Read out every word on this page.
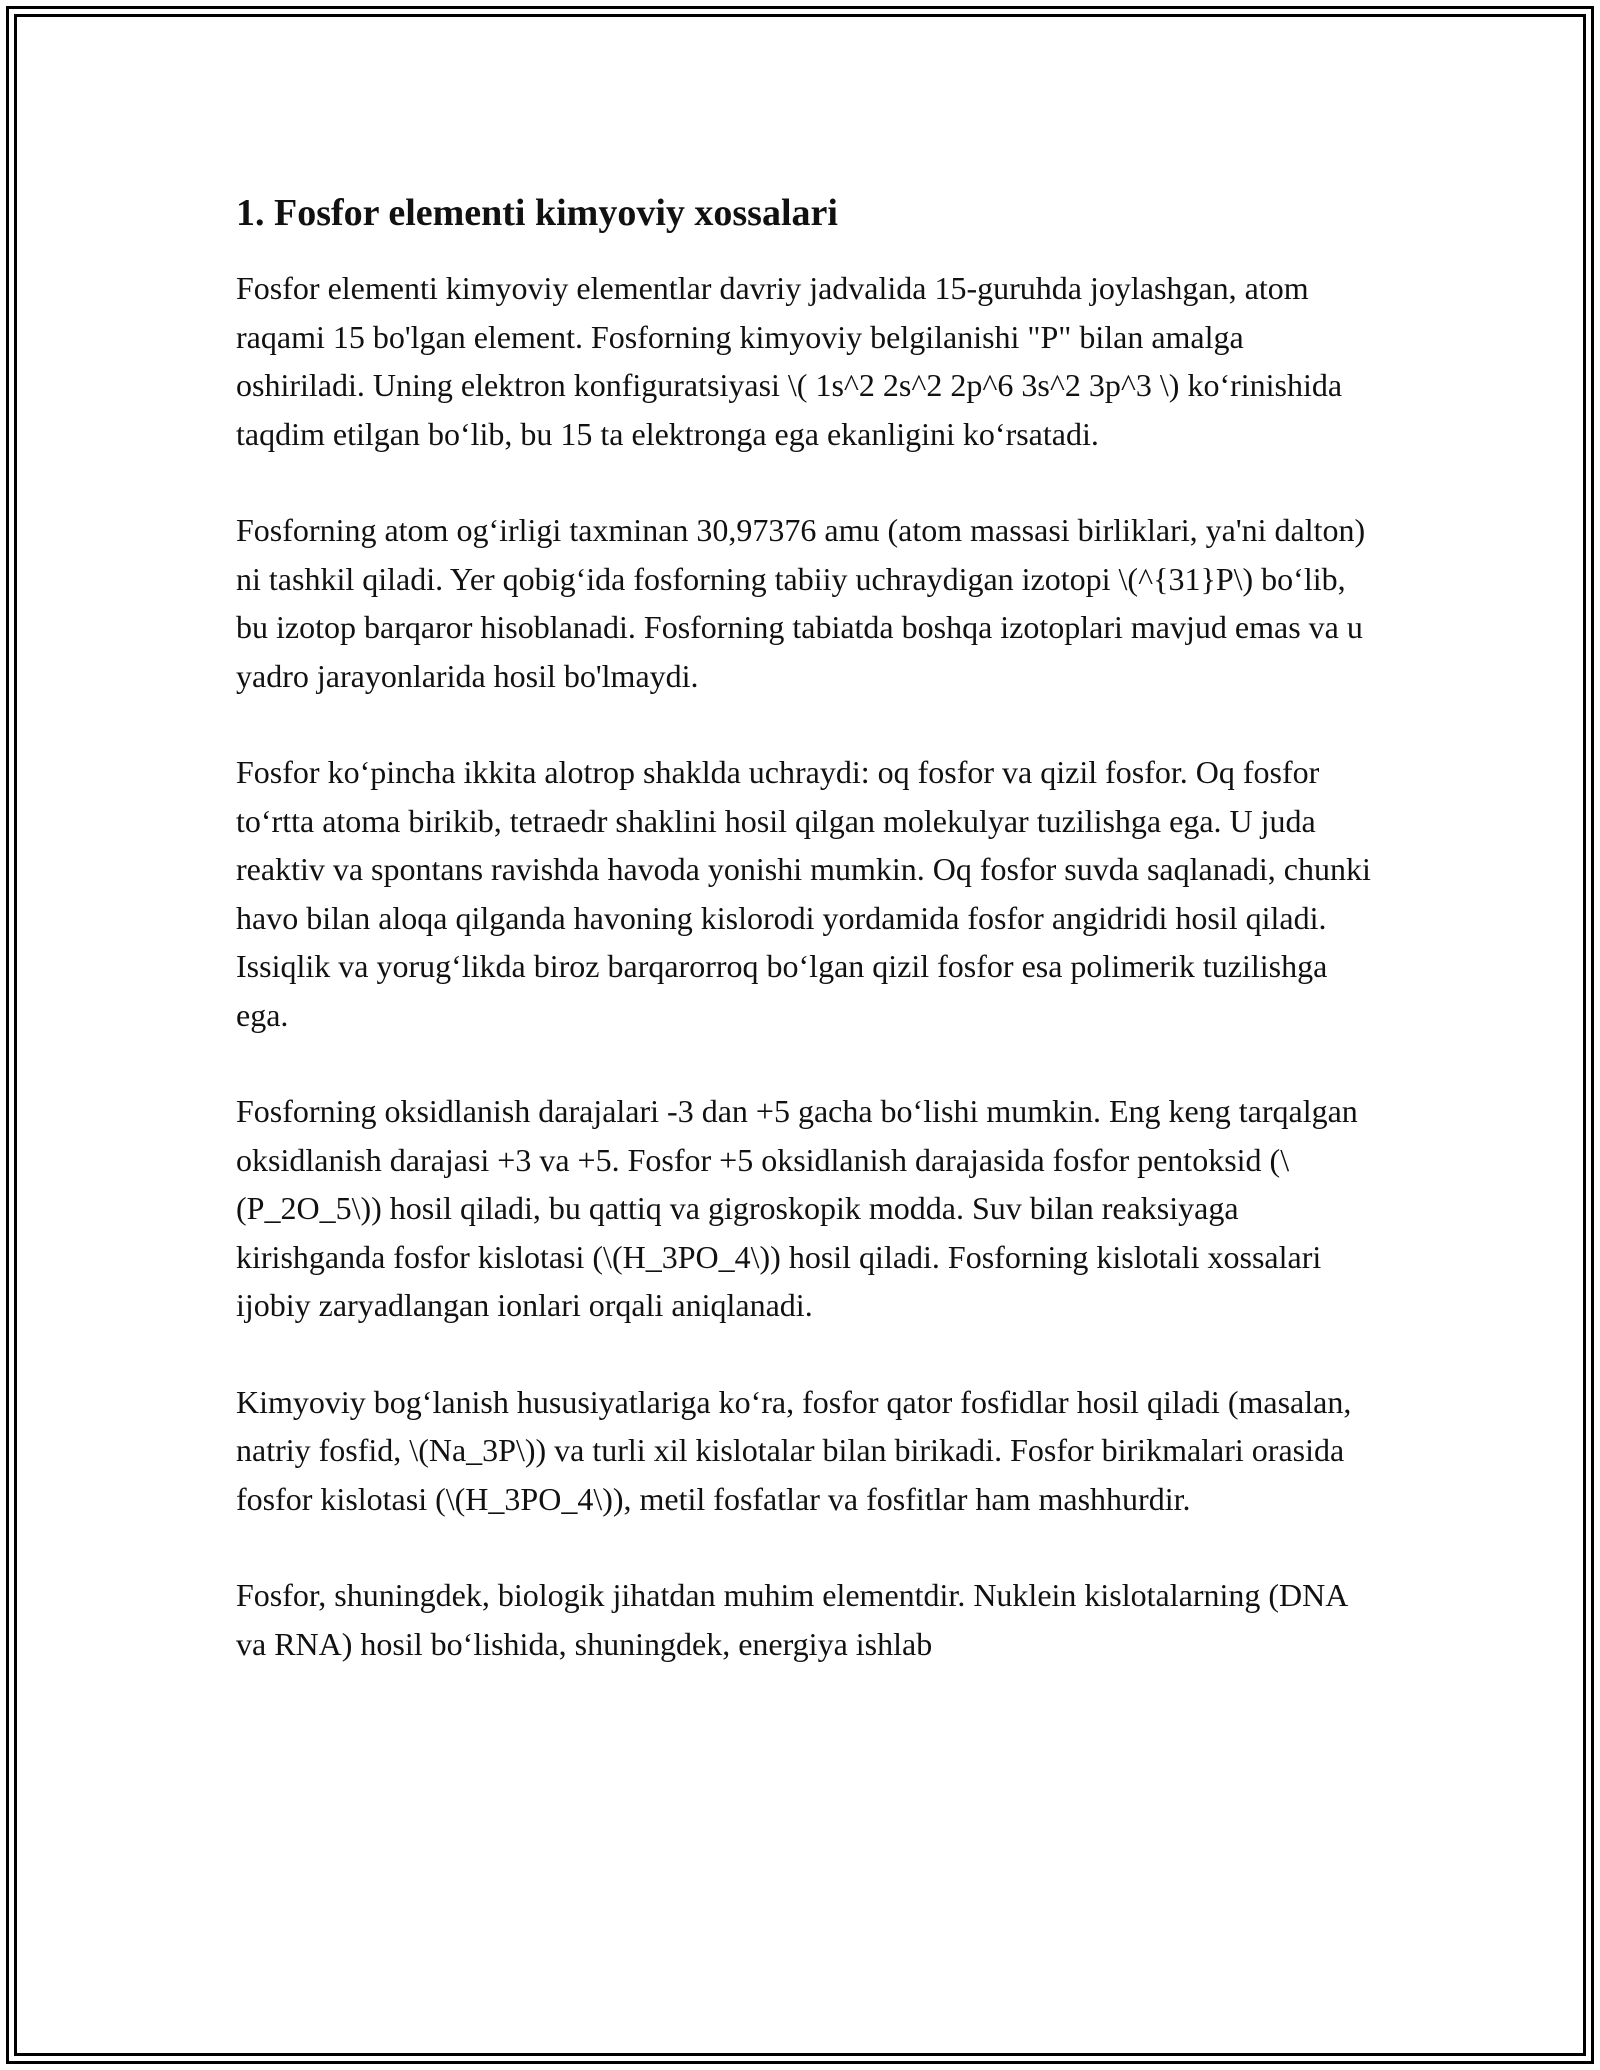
1. Fosfor elementi kimyoviy xossalari

Fosfor elementi kimyoviy elementlar davriy jadvalida 15-guruhda joylashgan, atom raqami 15 bo'lgan element. Fosforning kimyoviy belgilanishi "P" bilan amalga oshiriladi. Uning elektron konfiguratsiyasi \( 1s^2 2s^2 2p^6 3s^2 3p^3 \) ko‘rinishida taqdim etilgan bo‘lib, bu 15 ta elektronga ega ekanligini ko‘rsatadi.

Fosforning atom og‘irligi taxminan 30,97376 amu (atom massasi birliklari, ya'ni dalton) ni tashkil qiladi. Yer qobig‘ida fosforning tabiiy uchraydigan izotopi \(^{31}P\) bo‘lib, bu izotop barqaror hisoblanadi. Fosforning tabiatda boshqa izotoplari mavjud emas va u yadro jarayonlarida hosil bo'lmaydi.

Fosfor ko‘pincha ikkita alotrop shaklda uchraydi: oq fosfor va qizil fosfor. Oq fosfor to‘rtta atoma birikib, tetraedr shaklini hosil qilgan molekulyar tuzilishga ega. U juda reaktiv va spontans ravishda havoda yonishi mumkin. Oq fosfor suvda saqlanadi, chunki havo bilan aloqa qilganda havoning kislorodi yordamida fosfor angidridi hosil qiladi. Issiqlik va yorug‘likda biroz barqarorroq bo‘lgan qizil fosfor esa polimerik tuzilishga ega.

Fosforning oksidlanish darajalari -3 dan +5 gacha bo‘lishi mumkin. Eng keng tarqalgan oksidlanish darajasi +3 va +5. Fosfor +5 oksidlanish darajasida fosfor pentoksid (\(P_2O_5\)) hosil qiladi, bu qattiq va gigroskopik modda. Suv bilan reaksiyaga kirishganda fosfor kislotasi (\(H_3PO_4\)) hosil qiladi. Fosforning kislotali xossalari ijobiy zaryadlangan ionlari orqali aniqlanadi.

Kimyoviy bog‘lanish hususiyatlariga ko‘ra, fosfor qator fosfidlar hosil qiladi (masalan, natriy fosfid, \(Na_3P\)) va turli xil kislotalar bilan birikadi. Fosfor birikmalari orasida fosfor kislotasi (\(H_3PO_4\)), metil fosfatlar va fosfitlar ham mashhurdir.

Fosfor, shuningdek, biologik jihatdan muhim elementdir. Nuklein kislotalarning (DNA va RNA) hosil bo‘lishida, shuningdek, energiya ishlab
